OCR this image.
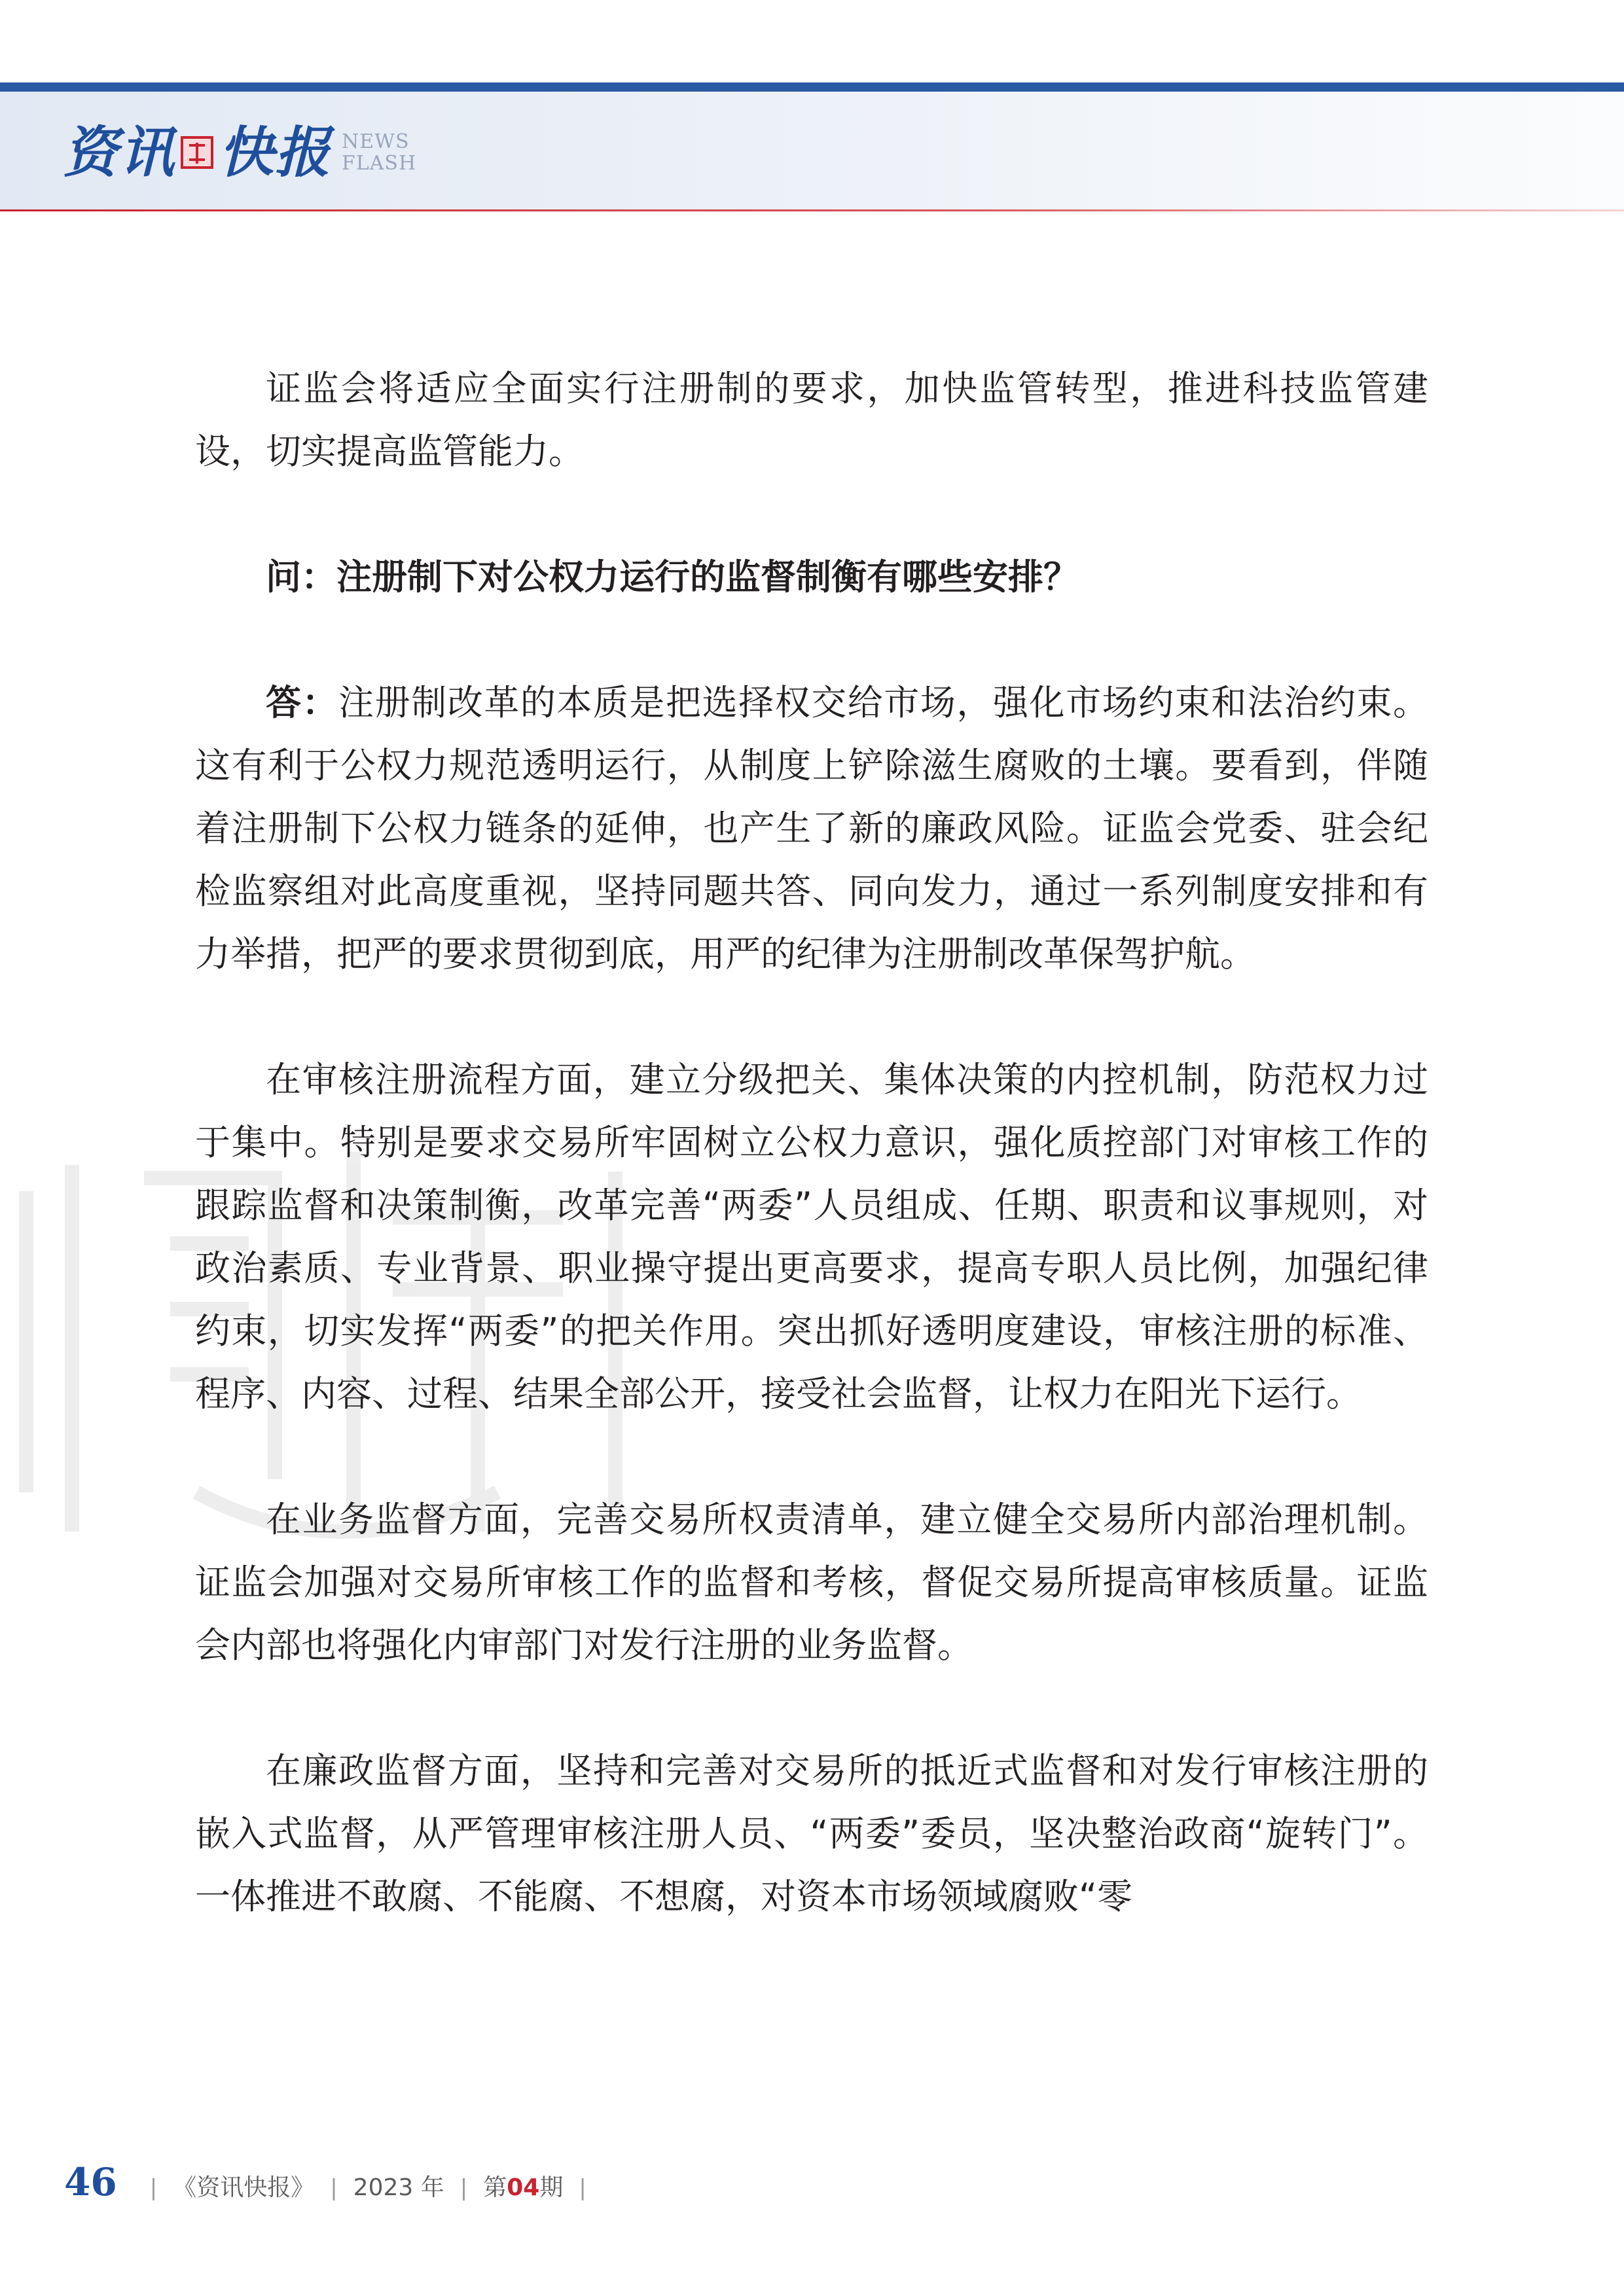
资讯 快报 NEWS
FLASH

证监会将适应全面实行注册制的要求，加快监管转型，推进科技监管建设，切实提高监管能力。

问：注册制下对公权力运行的监督制衡有哪些安排？

答：注册制改革的本质是把选择权交给市场，强化市场约束和法治约束。这有利于公权力规范透明运行，从制度上铲除滋生腐败的土壤。要看到，伴随着注册制下公权力链条的延伸，也产生了新的廉政风险。证监会党委、驻会纪检监察组对此高度重视，坚持同题共答、同向发力，通过一系列制度安排和有力举措，把严的要求贯彻到底，用严的纪律为注册制改革保驾护航。

在审核注册流程方面，建立分级把关、集体决策的内控机制，防范权力过于集中。特别是要求交易所牢固树立公权力意识，强化质控部门对审核工作的跟踪监督和决策制衡，改革完善“两委”人员组成、任期、职责和议事规则，对政治素质、专业背景、职业操守提出更高要求，提高专职人员比例，加强纪律约束，切实发挥“两委”的把关作用。突出抓好透明度建设，审核注册的标准、程序、内容、过程、结果全部公开，接受社会监督，让权力在阳光下运行。

在业务监督方面，完善交易所权责清单，建立健全交易所内部治理机制。证监会加强对交易所审核工作的监督和考核，督促交易所提高审核质量。证监会内部也将强化内审部门对发行注册的业务监督。

在廉政监督方面，坚持和完善对交易所的抵近式监督和对发行审核注册的嵌入式监督，从严管理审核注册人员、“两委”委员，坚决整治政商“旋转门”。一体推进不敢腐、不能腐、不想腐，对资本市场领域腐败“零

46 | 《资讯快报》 | 2023 年 | 第 04 期 |
